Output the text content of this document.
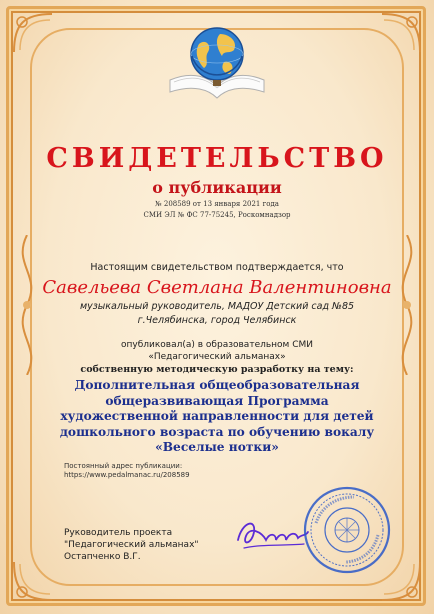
СВИДЕТЕЛЬСТВО
о публикации
№ 208589 от 13 января 2021 года
СМИ ЭЛ № ФС 77-75245, Роскомнадзор
Настоящим свидетельством подтверждается, что
Савельева Светлана Валентиновна
музыкальный руководитель, МАДОУ Детский сад №85 г.Челябинска, город Челябинск
опубликовал(а) в образовательном СМИ
«Педагогический альманах»
собственную методическую разработку на тему:
Дополнительная общеобразовательная общеразвивающая Программа художественной направленности для детей дошкольного возраста по обучению вокалу «Веселые нотки»
Постоянный адрес публикации:
https://www.pedalmanac.ru/208589
Руководитель проекта
"Педагогический альманах"
Остапченко В.Г.
